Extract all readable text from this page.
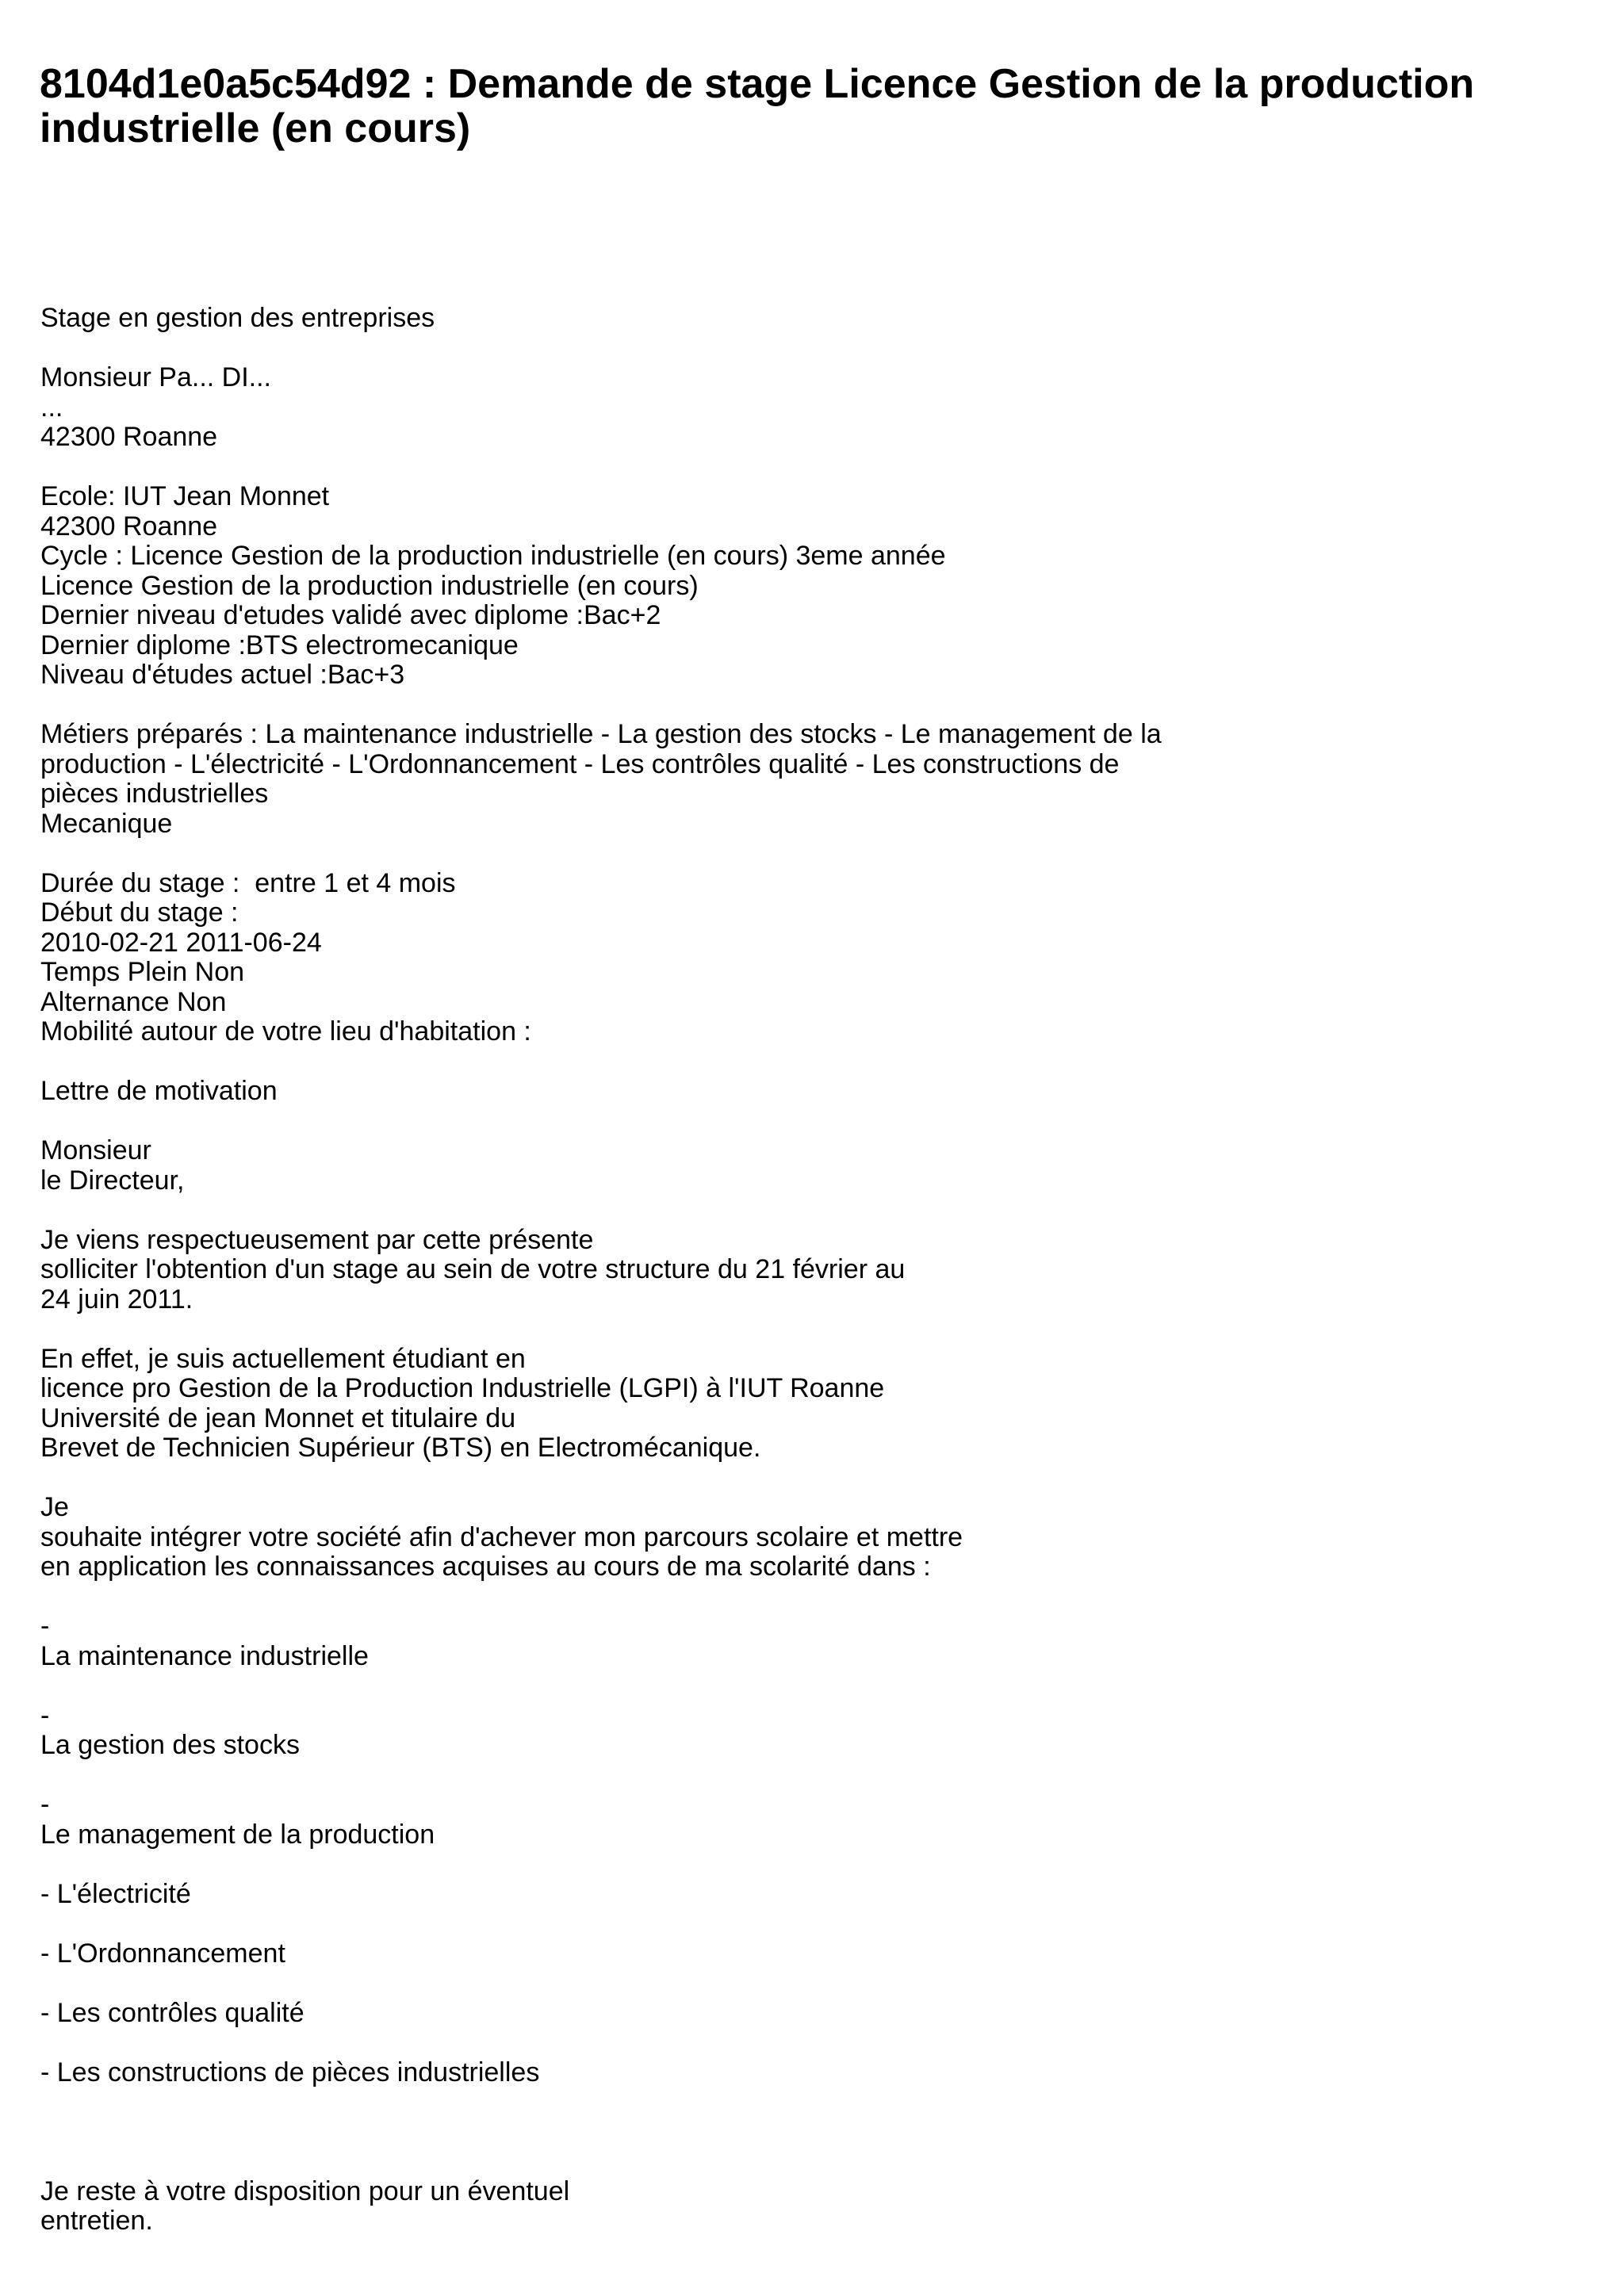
8104d1e0a5c54d92 : Demande de stage Licence Gestion de la production industrielle (en cours)
Stage en gestion des entreprises
Monsieur Pa... DI...
...
42300 Roanne
Ecole: IUT Jean Monnet
42300 Roanne
Cycle : Licence Gestion de la production industrielle (en cours) 3eme année
Licence Gestion de la production industrielle (en cours)
Dernier niveau d'etudes validé avec diplome :Bac+2
Dernier diplome :BTS electromecanique
Niveau d'études actuel :Bac+3
Métiers préparés : La maintenance industrielle - La gestion des stocks - Le management de la
production - L'électricité - L'Ordonnancement - Les contrôles qualité - Les constructions de
pièces industrielles
Mecanique
Durée du stage :  entre 1 et 4 mois
Début du stage :
2010-02-21 2011-06-24
Temps Plein Non
Alternance Non
Mobilité autour de votre lieu d'habitation :
Lettre de motivation
Monsieur
le Directeur,
Je viens respectueusement par cette présente
solliciter l'obtention d'un stage au sein de votre structure du 21 février au
24 juin 2011.
En effet, je suis actuellement étudiant en
licence pro Gestion de la Production Industrielle (LGPI) à l'IUT Roanne
Université de jean Monnet et titulaire du
Brevet de Technicien Supérieur (BTS) en Electromécanique.
Je
souhaite intégrer votre société afin d'achever mon parcours scolaire et mettre
en application les connaissances acquises au cours de ma scolarité dans :
-
La maintenance industrielle
-
La gestion des stocks
-
Le management de la production
- L'électricité
- L'Ordonnancement
- Les contrôles qualité
- Les constructions de pièces industrielles
Je reste à votre disposition pour un éventuel
entretien.
